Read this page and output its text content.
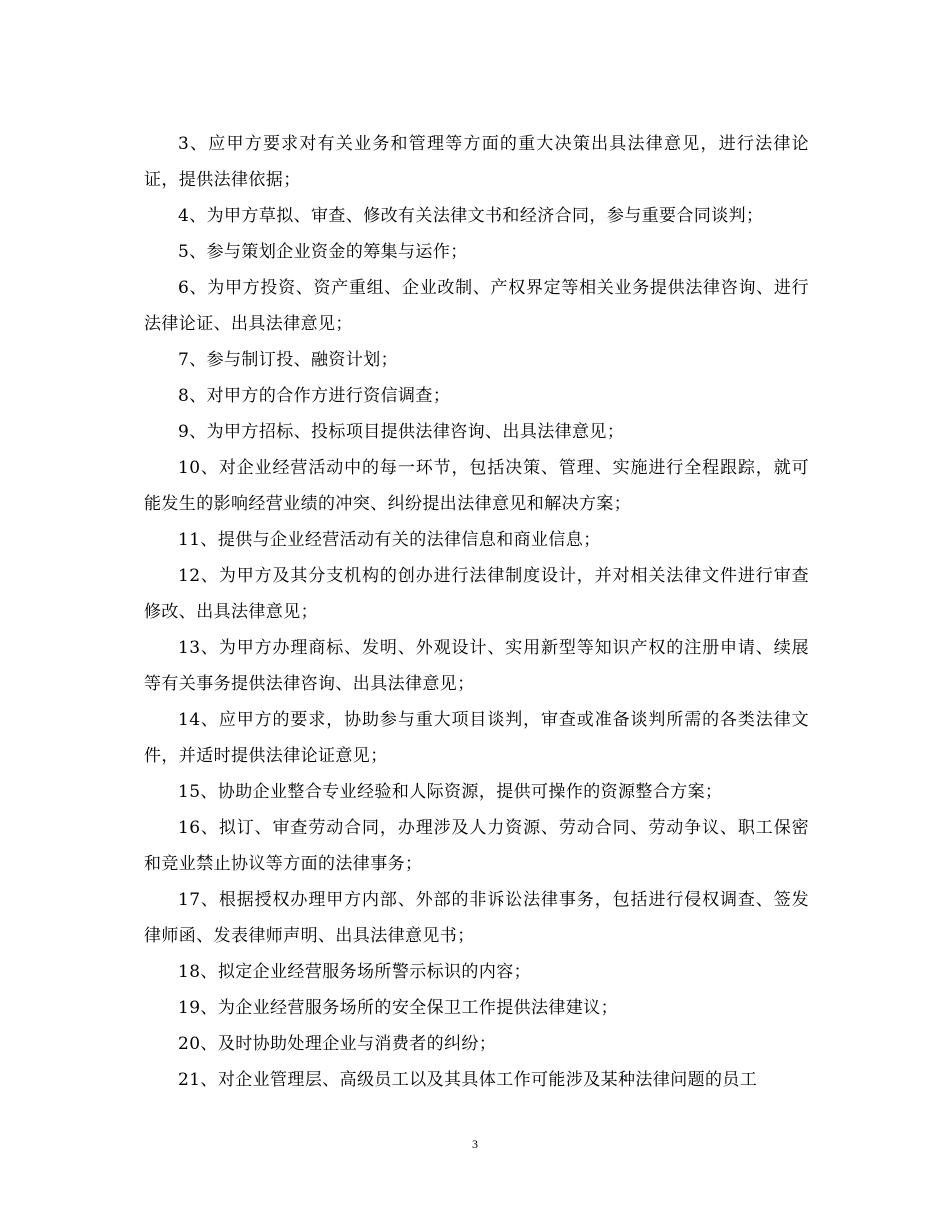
3、应甲方要求对有关业务和管理等方面的重大决策出具法律意见，进行法律论证，提供法律依据；

4、为甲方草拟、审查、修改有关法律文书和经济合同，参与重要合同谈判；

5、参与策划企业资金的筹集与运作；

6、为甲方投资、资产重组、企业改制、产权界定等相关业务提供法律咨询、进行法律论证、出具法律意见；

7、参与制订投、融资计划；

8、对甲方的合作方进行资信调查；

9、为甲方招标、投标项目提供法律咨询、出具法律意见；

10、对企业经营活动中的每一环节，包括决策、管理、实施进行全程跟踪，就可能发生的影响经营业绩的冲突、纠纷提出法律意见和解决方案；

11、提供与企业经营活动有关的法律信息和商业信息；

12、为甲方及其分支机构的创办进行法律制度设计，并对相关法律文件进行审查修改、出具法律意见；

13、为甲方办理商标、发明、外观设计、实用新型等知识产权的注册申请、续展等有关事务提供法律咨询、出具法律意见；

14、应甲方的要求，协助参与重大项目谈判，审查或准备谈判所需的各类法律文件，并适时提供法律论证意见；

15、协助企业整合专业经验和人际资源，提供可操作的资源整合方案；

16、拟订、审查劳动合同，办理涉及人力资源、劳动合同、劳动争议、职工保密和竞业禁止协议等方面的法律事务；

17、根据授权办理甲方内部、外部的非诉讼法律事务，包括进行侵权调查、签发律师函、发表律师声明、出具法律意见书；

18、拟定企业经营服务场所警示标识的内容；

19、为企业经营服务场所的安全保卫工作提供法律建议；

20、及时协助处理企业与消费者的纠纷；

21、对企业管理层、高级员工以及其具体工作可能涉及某种法律问题的员工

3
